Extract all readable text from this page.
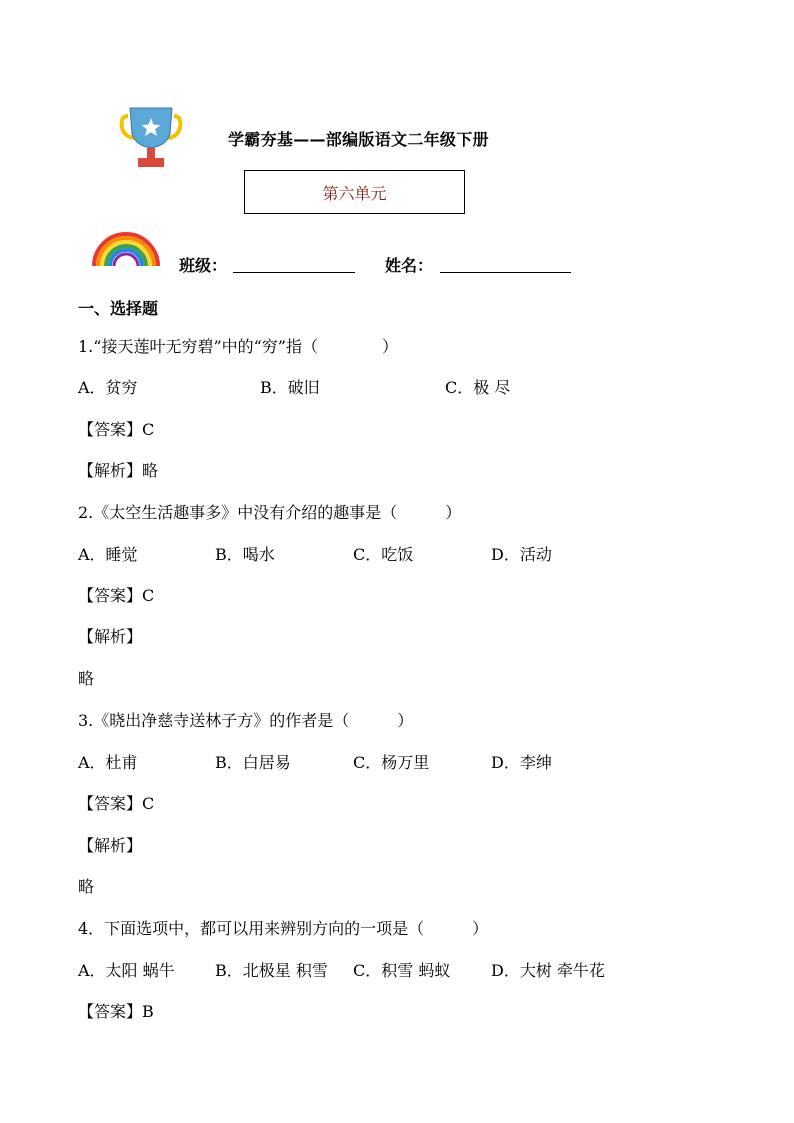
学霸夯基——部编版语文二年级下册
第六单元
班级：	姓名：
一、选择题
1.“接天莲叶无穷碧”中的“穷”指（　　　　）
A．贫穷	B．破旧	C．极 尽
【答案】C
【解析】略
2.《太空生活趣事多》中没有介绍的趣事是（　　　）
A．睡觉	B．喝水	C．吃饭	D．活动
【答案】C
【解析】
略
3.《晓出净慈寺送林子方》的作者是（　　　）
A．杜甫	B．白居易	C．杨万里	D．李绅
【答案】C
【解析】
略
4．下面选项中，都可以用来辨别方向的一项是（　　　）
A．太阳 蜗牛	B．北极星 积雪 C．积雪 蚂蚁	D．大树 牵牛花
【答案】B
